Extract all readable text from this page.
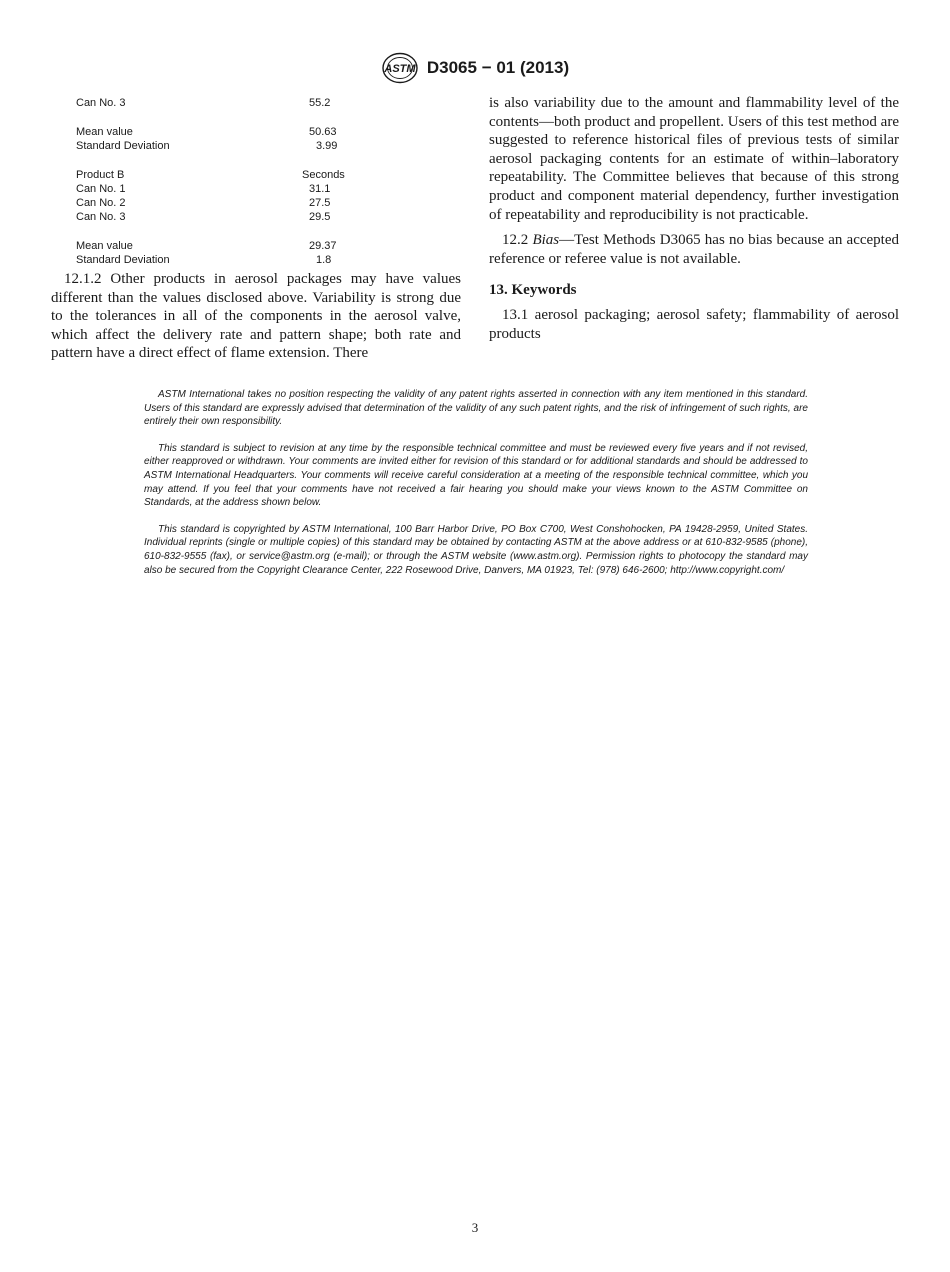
ASTM D3065 − 01 (2013)
Can No. 3	55.2
Mean value	50.63
Standard Deviation	3.99
Product B	Seconds
Can No. 1	31.1
Can No. 2	27.5
Can No. 3	29.5
Mean value	29.37
Standard Deviation	1.8

12.1.2 Other products in aerosol packages may have values different than the values disclosed above. Variability is strong due to the tolerances in all of the components in the aerosol valve, which affect the delivery rate and pattern shape; both rate and pattern have a direct effect of flame extension. There

is also variability due to the amount and flammability level of the contents—both product and propellent. Users of this test method are suggested to reference historical files of previous tests of similar aerosol packaging contents for an estimate of within–laboratory repeatability. The Committee believes that because of this strong product and component material dependency, further investigation of repeatability and reproducibility is not practicable.

12.2 Bias—Test Methods D3065 has no bias because an accepted reference or referee value is not available.

13. Keywords

13.1 aerosol packaging; aerosol safety; flammability of aerosol products

ASTM International takes no position respecting the validity of any patent rights asserted in connection with any item mentioned in this standard. Users of this standard are expressly advised that determination of the validity of any such patent rights, and the risk of infringement of such rights, are entirely their own responsibility.

This standard is subject to revision at any time by the responsible technical committee and must be reviewed every five years and if not revised, either reapproved or withdrawn. Your comments are invited either for revision of this standard or for additional standards and should be addressed to ASTM International Headquarters. Your comments will receive careful consideration at a meeting of the responsible technical committee, which you may attend. If you feel that your comments have not received a fair hearing you should make your views known to the ASTM Committee on Standards, at the address shown below.

This standard is copyrighted by ASTM International, 100 Barr Harbor Drive, PO Box C700, West Conshohocken, PA 19428-2959, United States. Individual reprints (single or multiple copies) of this standard may be obtained by contacting ASTM at the above address or at 610-832-9585 (phone), 610-832-9555 (fax), or service@astm.org (e-mail); or through the ASTM website (www.astm.org). Permission rights to photocopy the standard may also be secured from the Copyright Clearance Center, 222 Rosewood Drive, Danvers, MA 01923, Tel: (978) 646-2600; http://www.copyright.com/

3
